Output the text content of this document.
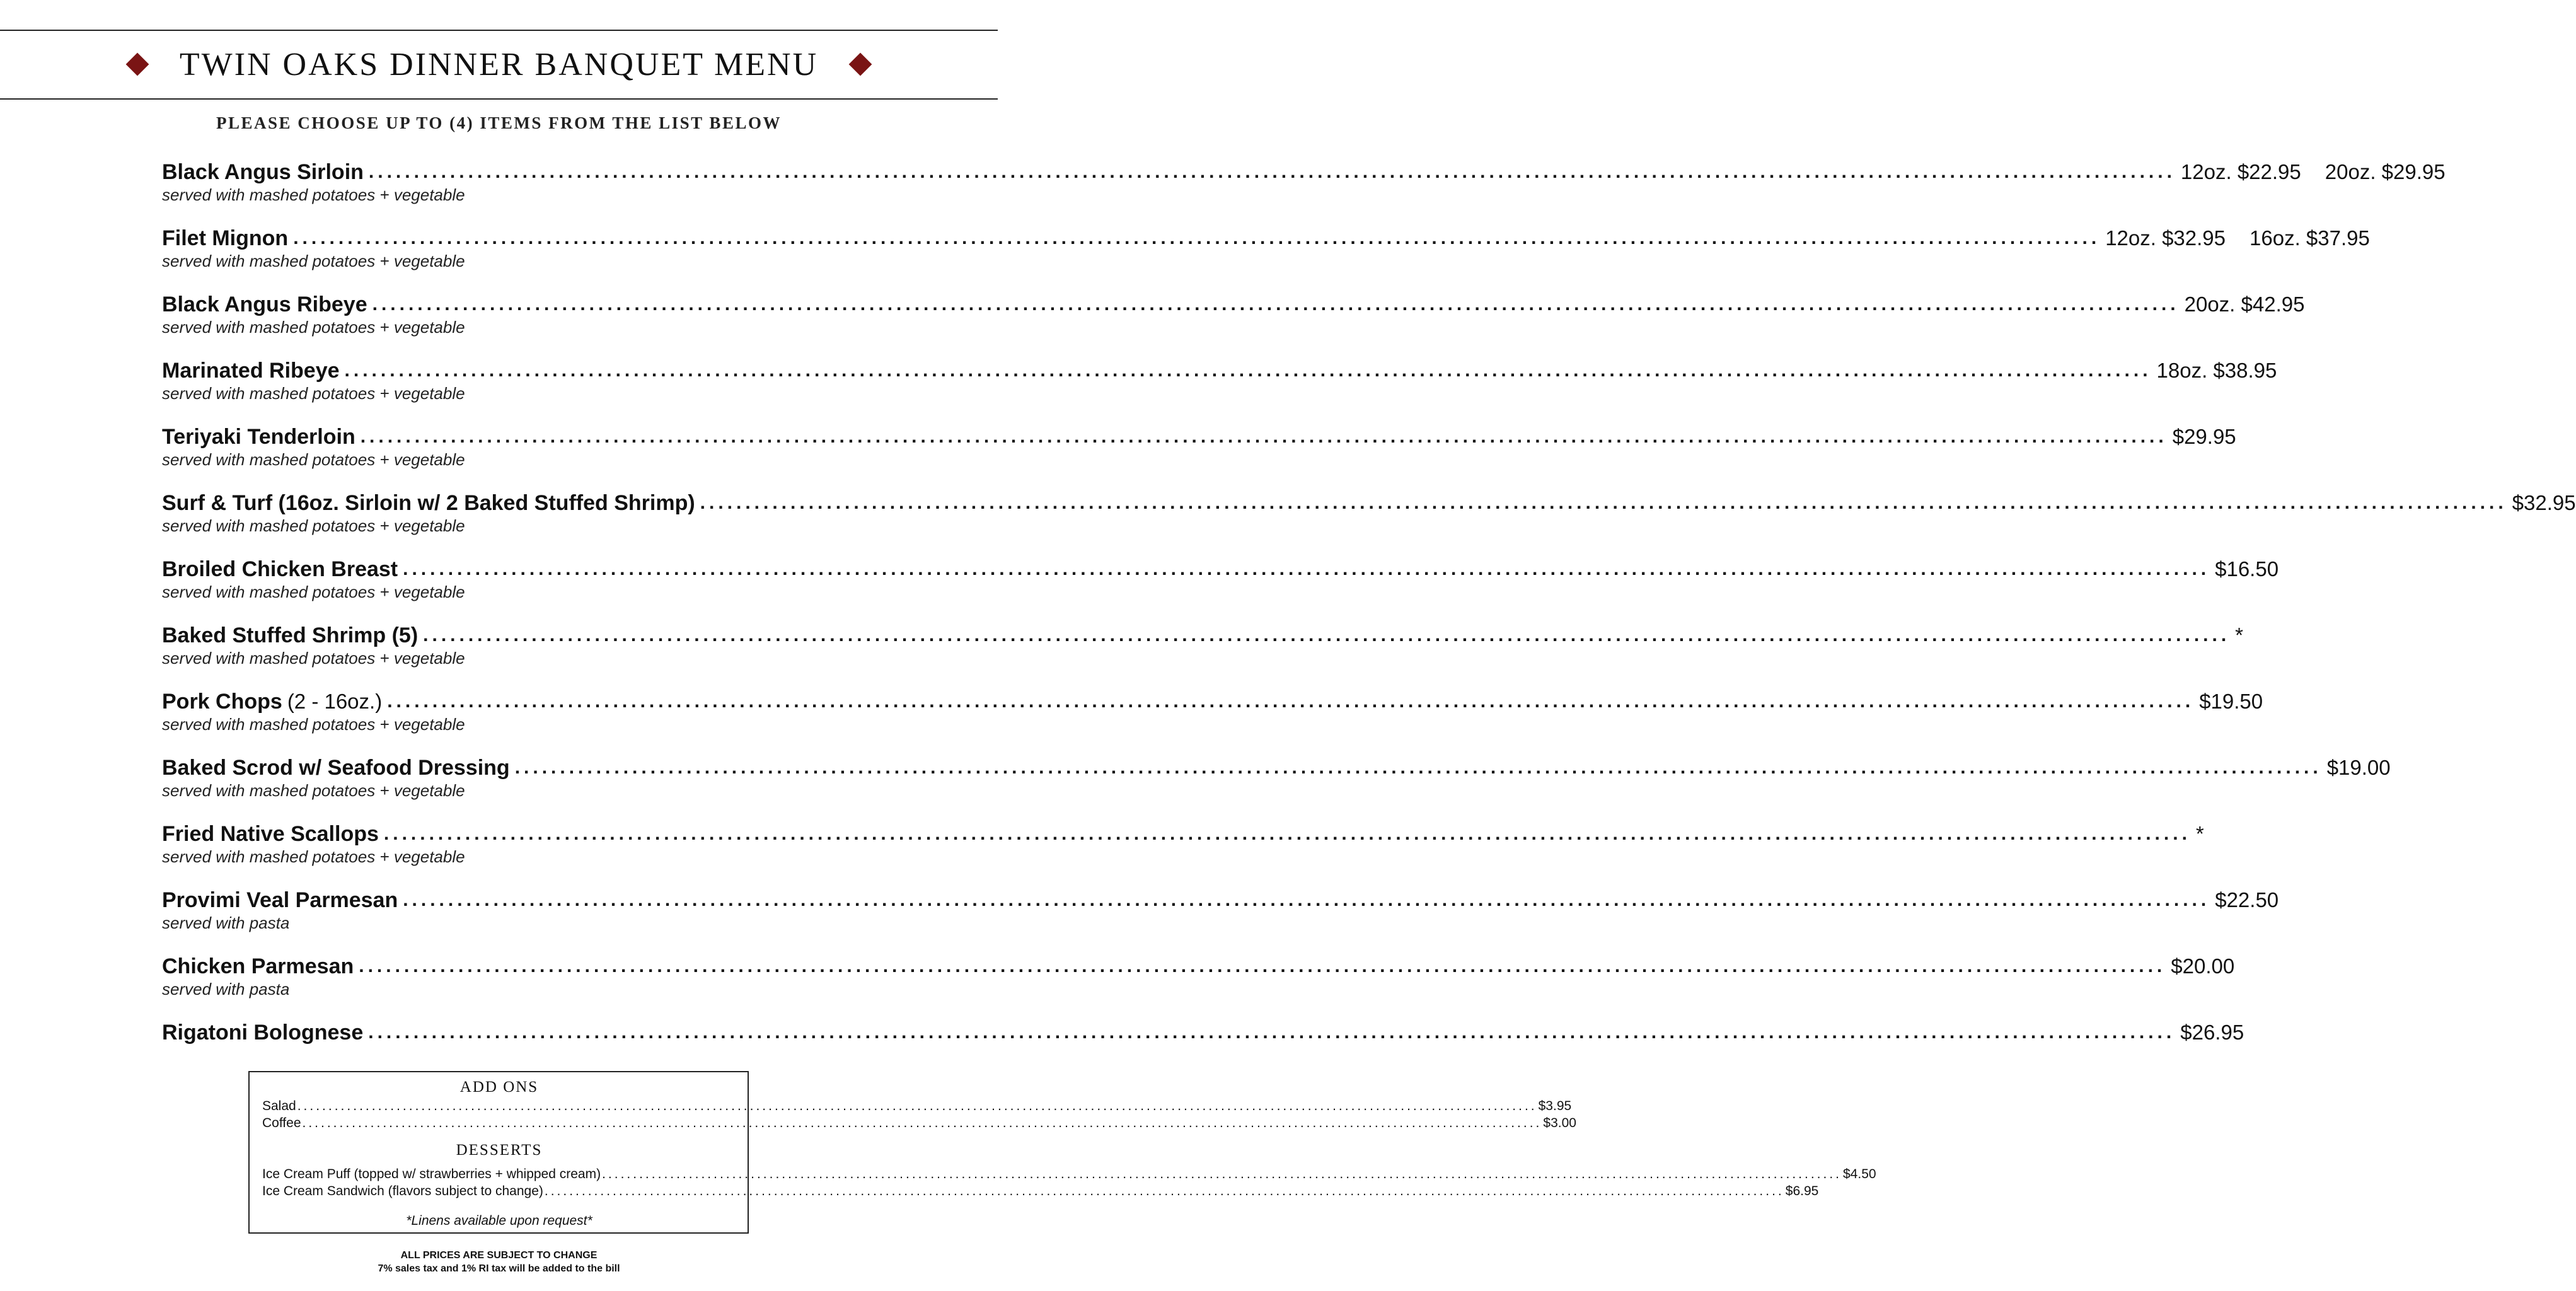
TWIN OAKS DINNER BANQUET MENU
PLEASE CHOOSE UP TO (4) ITEMS FROM THE LIST BELOW
Black Angus Sirloin ........................................................................................................................................................................................................ 12oz. $22.95 20oz. $29.95
served with mashed potatoes + vegetable
Filet Mignon ........................................................................................................................................................................................................ 12oz. $32.95 16oz. $37.95
served with mashed potatoes + vegetable
Black Angus Ribeye ........................................................................................................................................................................................................ 20oz. $42.95
served with mashed potatoes + vegetable
Marinated Ribeye ........................................................................................................................................................................................................ 18oz. $38.95
served with mashed potatoes + vegetable
Teriyaki Tenderloin ........................................................................................................................................................................................................ $29.95
served with mashed potatoes + vegetable
Surf & Turf (16oz. Sirloin w/ 2 Baked Stuffed Shrimp) ........................................................................................................................................................................................................ $32.95
served with mashed potatoes + vegetable
Broiled Chicken Breast ........................................................................................................................................................................................................ $16.50
served with mashed potatoes + vegetable
Baked Stuffed Shrimp (5) ........................................................................................................................................................................................................ *
served with mashed potatoes + vegetable
Pork Chops (2 - 16oz.) ........................................................................................................................................................................................................ $19.50
served with mashed potatoes + vegetable
Baked Scrod w/ Seafood Dressing ........................................................................................................................................................................................................ $19.00
served with mashed potatoes + vegetable
Fried Native Scallops ........................................................................................................................................................................................................ *
served with mashed potatoes + vegetable
Provimi Veal Parmesan ........................................................................................................................................................................................................ $22.50
served with pasta
Chicken Parmesan ........................................................................................................................................................................................................ $20.00
served with pasta
Rigatoni Bolognese ........................................................................................................................................................................................................ $26.95
ADD ONS
Salad ........................................................................................................................................................................................................ $3.95
Coffee ........................................................................................................................................................................................................ $3.00
DESSERTS
Ice Cream Puff (topped w/ strawberries + whipped cream) ........................................................................................................................................................................................................ $4.50
Ice Cream Sandwich (flavors subject to change) ........................................................................................................................................................................................................ $6.95
*Linens available upon request*
ALL PRICES ARE SUBJECT TO CHANGE
7% sales tax and 1% RI tax will be added to the bill
